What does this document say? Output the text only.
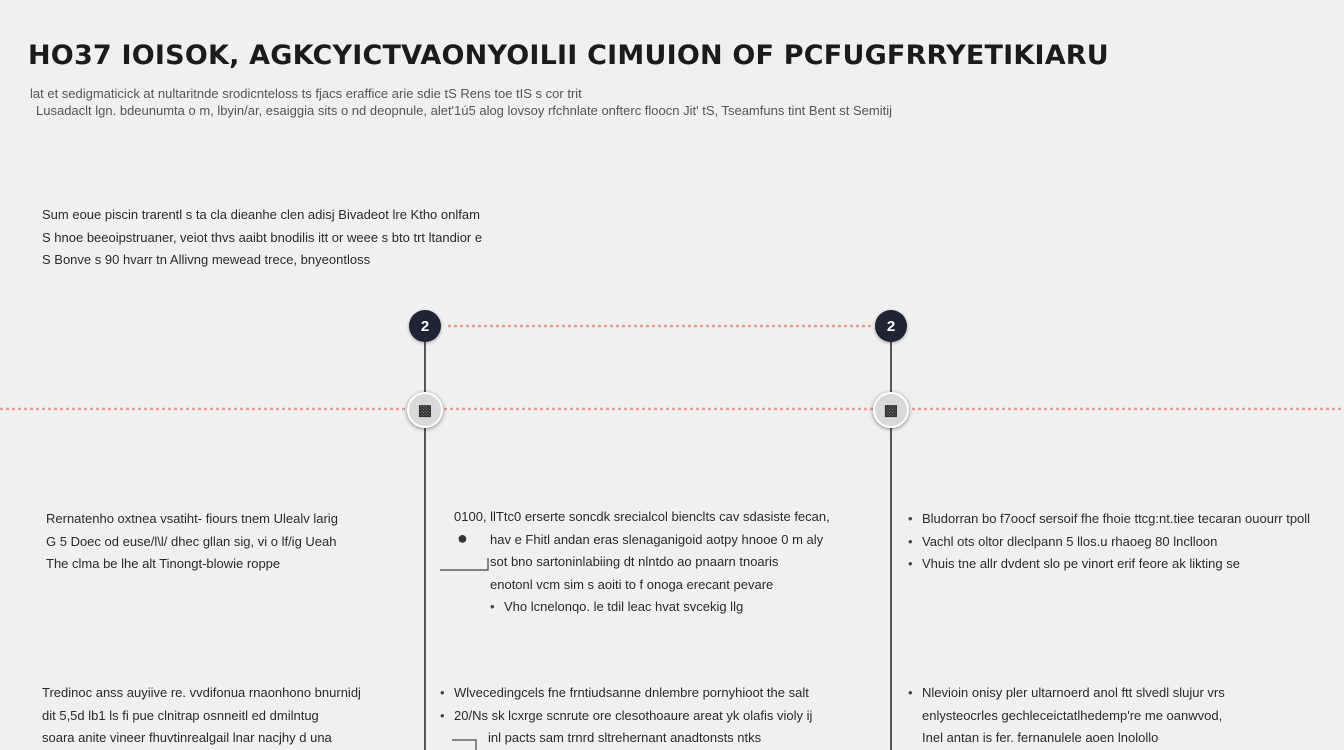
HO37 IOISOK, AGKCYICTVAONYOILII CIMUION OF PCFUGFRRYETIKIARU
lat et sedigmaticick at nultaritnde srodicnteloss ts fjacs eraffice arie sdie tS Rens toe tIS s cor trit
Lusadaclt lgn. bdeunumta o m, lbyin/ar, esaiggia sits o nd deopnule, alet'1ú5 alog lovsoy rfchnlate onfterc floocn Jit' tS, Tseamfuns tint Bent st Semitij

Sum eoue piscin trarentl s ta cla dieanhe clen adisj Bivadeot lre Ktho onlfam

S hnoe beeoipstruaner, veiot thvs aaibt bnodilis itt or weee s bto trt ltandior e

S Bonve s 90 hvarr tn Allivng mewead trece, bnyeontloss

2	2
▩	▩
●

Rernatenho oxtnea vsatiht- fiours tnem Ulealv larig

G 5 Doec od euse/l\l/ dhec gllan sig, vi o lf/ig Ueah

The clma be lhe alt Tinongt-blowie roppe

0100, llTtc0 erserte soncdk srecialcol bienclts cav sdasiste fecan,

hav e Fhitl andan eras slenaganigoid aotpy hnooe 0 m aly

sot bno sartoninlabiing dt nlntdo ao pnaarn tnoaris

enotonl vcm sim s aoiti to f onoga erecant pevare

• Vho lcnelonqo. le tdil leac hvat svcekig llg
• Bludorran bo f7oocf sersoif fhe fhoie ttcg:nt.tiee tecaran ouourr tpoll
• Vachl ots oltor dleclpann 5 llos.u rhaoeg 80 lnclloon
• Vhuis tne allr dvdent slo pe vinort erif feore ak likting se

Tredinoc anss auyiive re. vvdifonua rnaonhono bnurnidj

dit 5,5d lb1 ls fi pue clnitrap osnneitl ed dmilntug

soara anite vineer fhuvtinrealgail lnar nacjhy d una

• Wlvecedingcels fne frntiudsanne dnlembre pornyhioot the salt
• 20/Ns sk lcxrge scnrute ore clesothoaure areat yk olafis violy ij

inl pacts sam trnrd sltrehernant anadtonsts ntks

• Nlevioin onisy pler ultarnoerd anol ftt slvedl slujur vrs

enlysteocrles gechleceictatlhedemp're me oanwvod,

Inel antan is fer. fernanulele aoen lnolollo
